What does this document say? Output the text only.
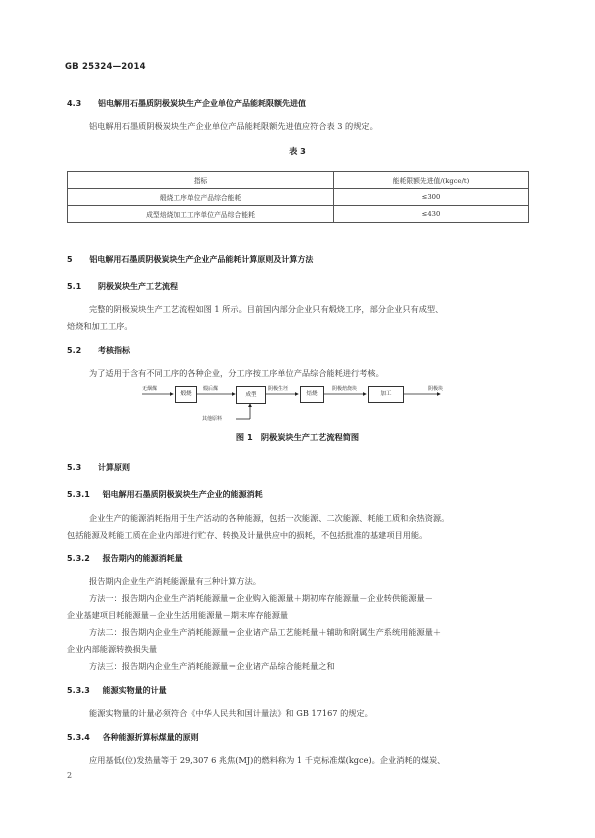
GB 25324—2014
4.3 铝电解用石墨质阴极炭块生产企业单位产品能耗限额先进值
铝电解用石墨质阴极炭块生产企业单位产品能耗限额先进值应符合表 3 的规定。
表 3
指标	能耗限额先进值/(kgce/t)
煅烧工序单位产品综合能耗	≤300
成型焙烧加工工序单位产品综合能耗	≤430
5 铝电解用石墨质阴极炭块生产企业产品能耗计算原则及计算方法
5.1 阴极炭块生产工艺流程
完整的阴极炭块生产工艺流程如图 1 所示。目前国内部分企业只有煅烧工序，部分企业只有成型、
焙烧和加工工序。
5.2 考核指标
为了适用于含有不同工序的各种企业，分工序按工序单位产品综合能耗进行考核。
无烟煤
煅烧
煅后煤
成型
阴极生坯
焙烧
阴极焙烧块
加工
阴极块
其他原料
图 1　阴极炭块生产工艺流程简图
5.3 计算原则
5.3.1 铝电解用石墨质阴极炭块生产企业的能源消耗
企业生产的能源消耗指用于生产活动的各种能源，包括一次能源、二次能源、耗能工质和余热资源。
包括能源及耗能工质在企业内部进行贮存、转换及计量供应中的损耗，不包括批准的基建项目用能。
5.3.2 报告期内的能源消耗量
报告期内企业生产消耗能源量有三种计算方法。
方法一：报告期内企业生产消耗能源量＝企业购入能源量＋期初库存能源量－企业转供能源量－
企业基建项目耗能源量－企业生活用能源量－期末库存能源量
方法二：报告期内企业生产消耗能源量＝企业诸产品工艺能耗量＋辅助和附属生产系统用能源量＋
企业内部能源转换损失量
方法三：报告期内企业生产消耗能源量＝企业诸产品综合能耗量之和
5.3.3 能源实物量的计量
能源实物量的计量必须符合《中华人民共和国计量法》和 GB 17167 的规定。
5.3.4 各种能源折算标煤量的原则
应用基低(位)发热量等于 29,307 6 兆焦(MJ)的燃料称为 1 千克标准煤(kgce)。企业消耗的煤炭、
2
